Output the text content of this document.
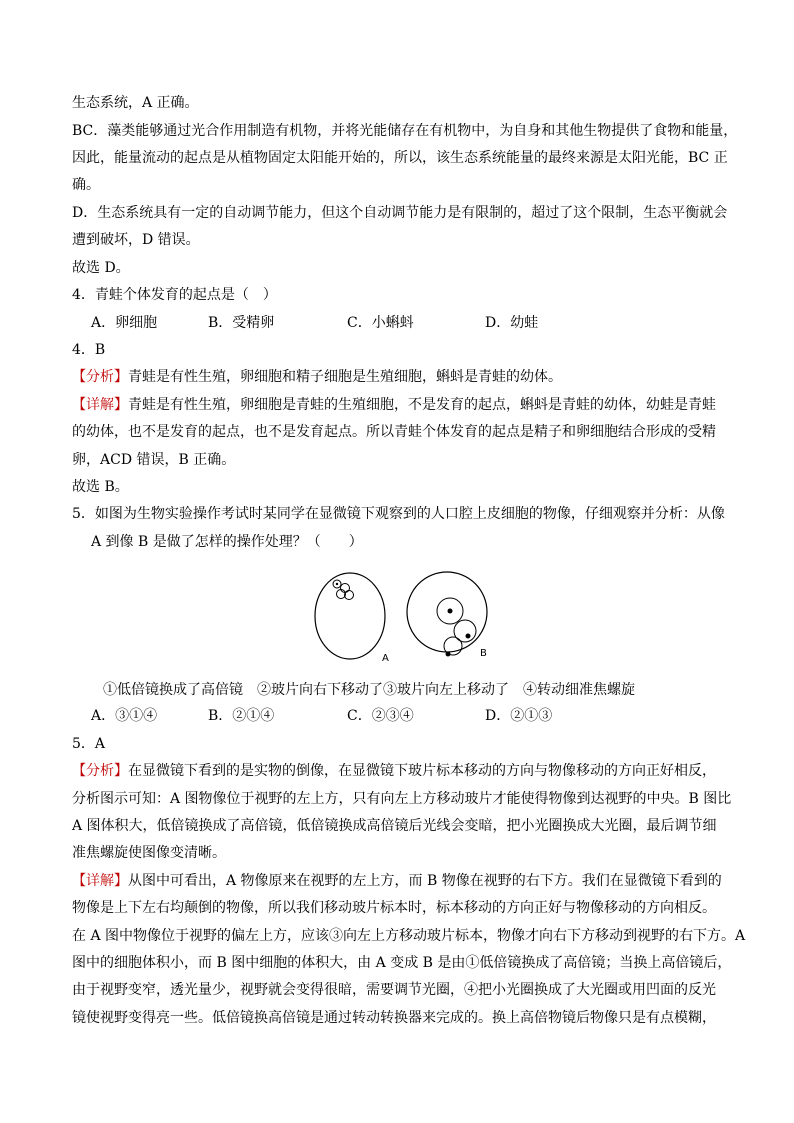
生态系统，A 正确。
BC．藻类能够通过光合作用制造有机物，并将光能储存在有机物中，为自身和其他生物提供了食物和能量，
因此，能量流动的起点是从植物固定太阳能开始的，所以，该生态系统能量的最终来源是太阳光能，BC 正
确。
D．生态系统具有一定的自动调节能力，但这个自动调节能力是有限制的，超过了这个限制，生态平衡就会
遭到破坏，D 错误。
故选 D。
4．青蛙个体发育的起点是（　）
A．卵细胞	B．受精卵	C．小蝌蚪	D．幼蛙
4．B
【分析】青蛙是有性生殖，卵细胞和精子细胞是生殖细胞，蝌蚪是青蛙的幼体。
【详解】青蛙是有性生殖，卵细胞是青蛙的生殖细胞，不是发育的起点，蝌蚪是青蛙的幼体，幼蛙是青蛙
的幼体，也不是发育的起点，也不是发育起点。所以青蛙个体发育的起点是精子和卵细胞结合形成的受精
卵，ACD 错误，B 正确。
故选 B。
5．如图为生物实验操作考试时某同学在显微镜下观察到的人口腔上皮细胞的物像，仔细观察并分析：从像
A 到像 B 是做了怎样的操作处理？（　　）
A	B
①低倍镜换成了高倍镜　②玻片向右下移动了③玻片向左上移动了　④转动细准焦螺旋
A．③①④	B．②①④	C．②③④	D．②①③
5．A
【分析】在显微镜下看到的是实物的倒像，在显微镜下玻片标本移动的方向与物像移动的方向正好相反，
分析图示可知：A 图物像位于视野的左上方，只有向左上方移动玻片才能使得物像到达视野的中央。B 图比
A 图体积大，低倍镜换成了高倍镜，低倍镜换成高倍镜后光线会变暗，把小光圈换成大光圈，最后调节细
准焦螺旋使图像变清晰。
【详解】从图中可看出，A 物像原来在视野的左上方，而 B 物像在视野的右下方。我们在显微镜下看到的
物像是上下左右均颠倒的物像，所以我们移动玻片标本时，标本移动的方向正好与物像移动的方向相反。
在 A 图中物像位于视野的偏左上方，应该③向左上方移动玻片标本，物像才向右下方移动到视野的右下方。A
图中的细胞体积小，而 B 图中细胞的体积大，由 A 变成 B 是由①低倍镜换成了高倍镜；当换上高倍镜后，
由于视野变窄，透光量少，视野就会变得很暗，需要调节光圈，④把小光圈换成了大光圈或用凹面的反光
镜使视野变得亮一些。低倍镜换高倍镜是通过转动转换器来完成的。换上高倍物镜后物像只是有点模糊，
